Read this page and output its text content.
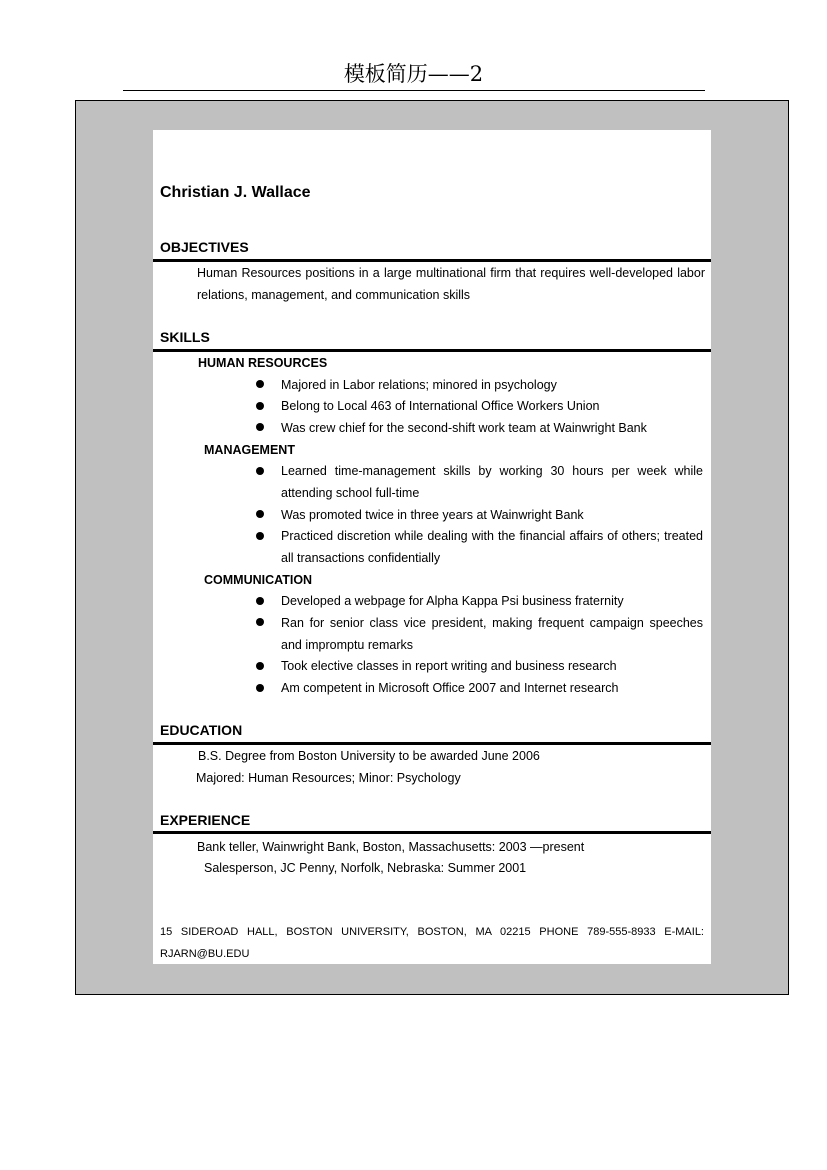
模板简历——2
Christian J. Wallace
OBJECTIVES
Human Resources positions in a large multinational firm that requires well-developed labor relations, management, and communication skills
SKILLS
HUMAN RESOURCES
Majored in Labor relations; minored in psychology
Belong to Local 463 of International Office Workers Union
Was crew chief for the second-shift work team at Wainwright Bank
MANAGEMENT
Learned time-management skills by working 30 hours per week while attending school full-time
Was promoted twice in three years at Wainwright Bank
Practiced discretion while dealing with the financial affairs of others; treated all transactions confidentially
COMMUNICATION
Developed a webpage for Alpha Kappa Psi business fraternity
Ran for senior class vice president, making frequent campaign speeches and impromptu remarks
Took elective classes in report writing and business research
Am competent in Microsoft Office 2007 and Internet research
EDUCATION
B.S. Degree from Boston University to be awarded June 2006
Majored: Human Resources; Minor: Psychology
EXPERIENCE
Bank teller, Wainwright Bank, Boston, Massachusetts: 2003 —present
Salesperson, JC Penny, Norfolk, Nebraska: Summer 2001
15 SIDEROAD HALL, BOSTON UNIVERSITY, BOSTON, MA 02215 PHONE 789-555-8933 E-MAIL: RJARN@BU.EDU
